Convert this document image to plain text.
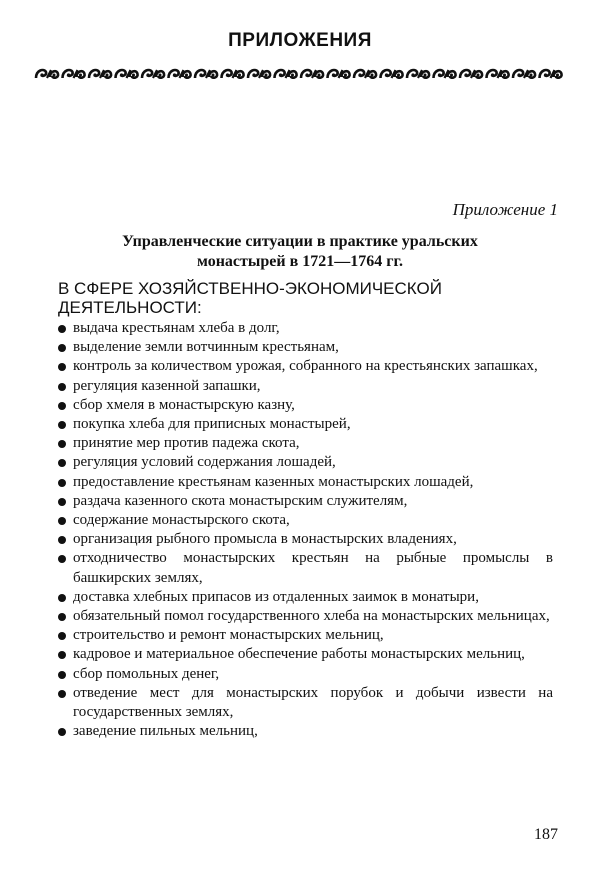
ПРИЛОЖЕНИЯ
Приложение 1
Управленческие ситуации в практике уральских
монастырей в 1721—1764 гг.
В СФЕРЕ ХОЗЯЙСТВЕННО-ЭКОНОМИЧЕСКОЙ
ДЕЯТЕЛЬНОСТИ:
выдача крестьянам хлеба в долг,
выделение земли вотчинным крестьянам,
контроль за количеством урожая, собранного на крестьянских запашках,
регуляция казенной запашки,
сбор хмеля в монастырскую казну,
покупка хлеба для приписных монастырей,
принятие мер против падежа скота,
регуляция условий содержания лошадей,
предоставление крестьянам казенных монастырских лошадей,
раздача казенного скота монастырским служителям,
содержание монастырского скота,
организация рыбного промысла в монастырских владениях,
отходничество монастырских крестьян на рыбные промыслы в башкирских землях,
доставка хлебных припасов из отдаленных заимок в монатыри,
обязательный помол государственного хлеба на монастырских мельницах,
строительство и ремонт монастырских мельниц,
кадровое и материальное обеспечение работы монастырских мельниц,
сбор помольных денег,
отведение мест для монастырских порубок и добычи извести на государственных землях,
заведение пильных мельниц,
187
